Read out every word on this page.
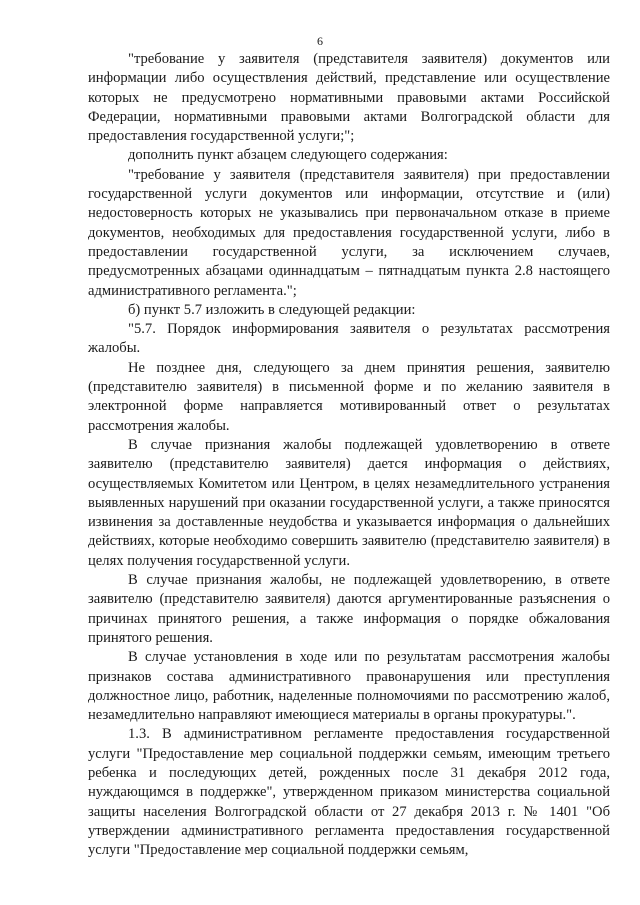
6

"требование у заявителя (представителя заявителя) документов или информации либо осуществления действий, представление или осуществление которых не предусмотрено нормативными правовыми актами Российской Федерации, нормативными правовыми актами Волгоградской области для предоставления государственной услуги;";

дополнить пункт абзацем следующего содержания:

"требование у заявителя (представителя заявителя) при предоставлении государственной услуги документов или информации, отсутствие и (или) недостоверность которых не указывались при первоначальном отказе в приеме документов, необходимых для предоставления государственной услуги, либо в предоставлении государственной услуги, за исключением случаев, предусмотренных абзацами одиннадцатым – пятнадцатым пункта 2.8 настоящего административного регламента.";

б) пункт 5.7 изложить в следующей редакции:

"5.7. Порядок информирования заявителя о результатах рассмотрения жалобы.

Не позднее дня, следующего за днем принятия решения, заявителю (представителю заявителя) в письменной форме и по желанию заявителя в электронной форме направляется мотивированный ответ о результатах рассмотрения жалобы.

В случае признания жалобы подлежащей удовлетворению в ответе заявителю (представителю заявителя) дается информация о действиях, осуществляемых Комитетом или Центром, в целях незамедлительного устранения выявленных нарушений при оказании государственной услуги, а также приносятся извинения за доставленные неудобства и указывается информация о дальнейших действиях, которые необходимо совершить заявителю (представителю заявителя) в целях получения государственной услуги.

В случае признания жалобы, не подлежащей удовлетворению, в ответе заявителю (представителю заявителя) даются аргументированные разъяснения о причинах принятого решения, а также информация о порядке обжалования принятого решения.

В случае установления в ходе или по результатам рассмотрения жалобы признаков состава административного правонарушения или преступления должностное лицо, работник, наделенные полномочиями по рассмотрению жалоб, незамедлительно направляют имеющиеся материалы в органы прокуратуры.".

1.3. В административном регламенте предоставления государственной услуги "Предоставление мер социальной поддержки семьям, имеющим третьего ребенка и последующих детей, рожденных после 31 декабря 2012 года, нуждающимся в поддержке", утвержденном приказом министерства социальной защиты населения Волгоградской области от 27 декабря 2013 г. № 1401 "Об утверждении административного регламента предоставления государственной услуги "Предоставление мер социальной поддержки семьям,
